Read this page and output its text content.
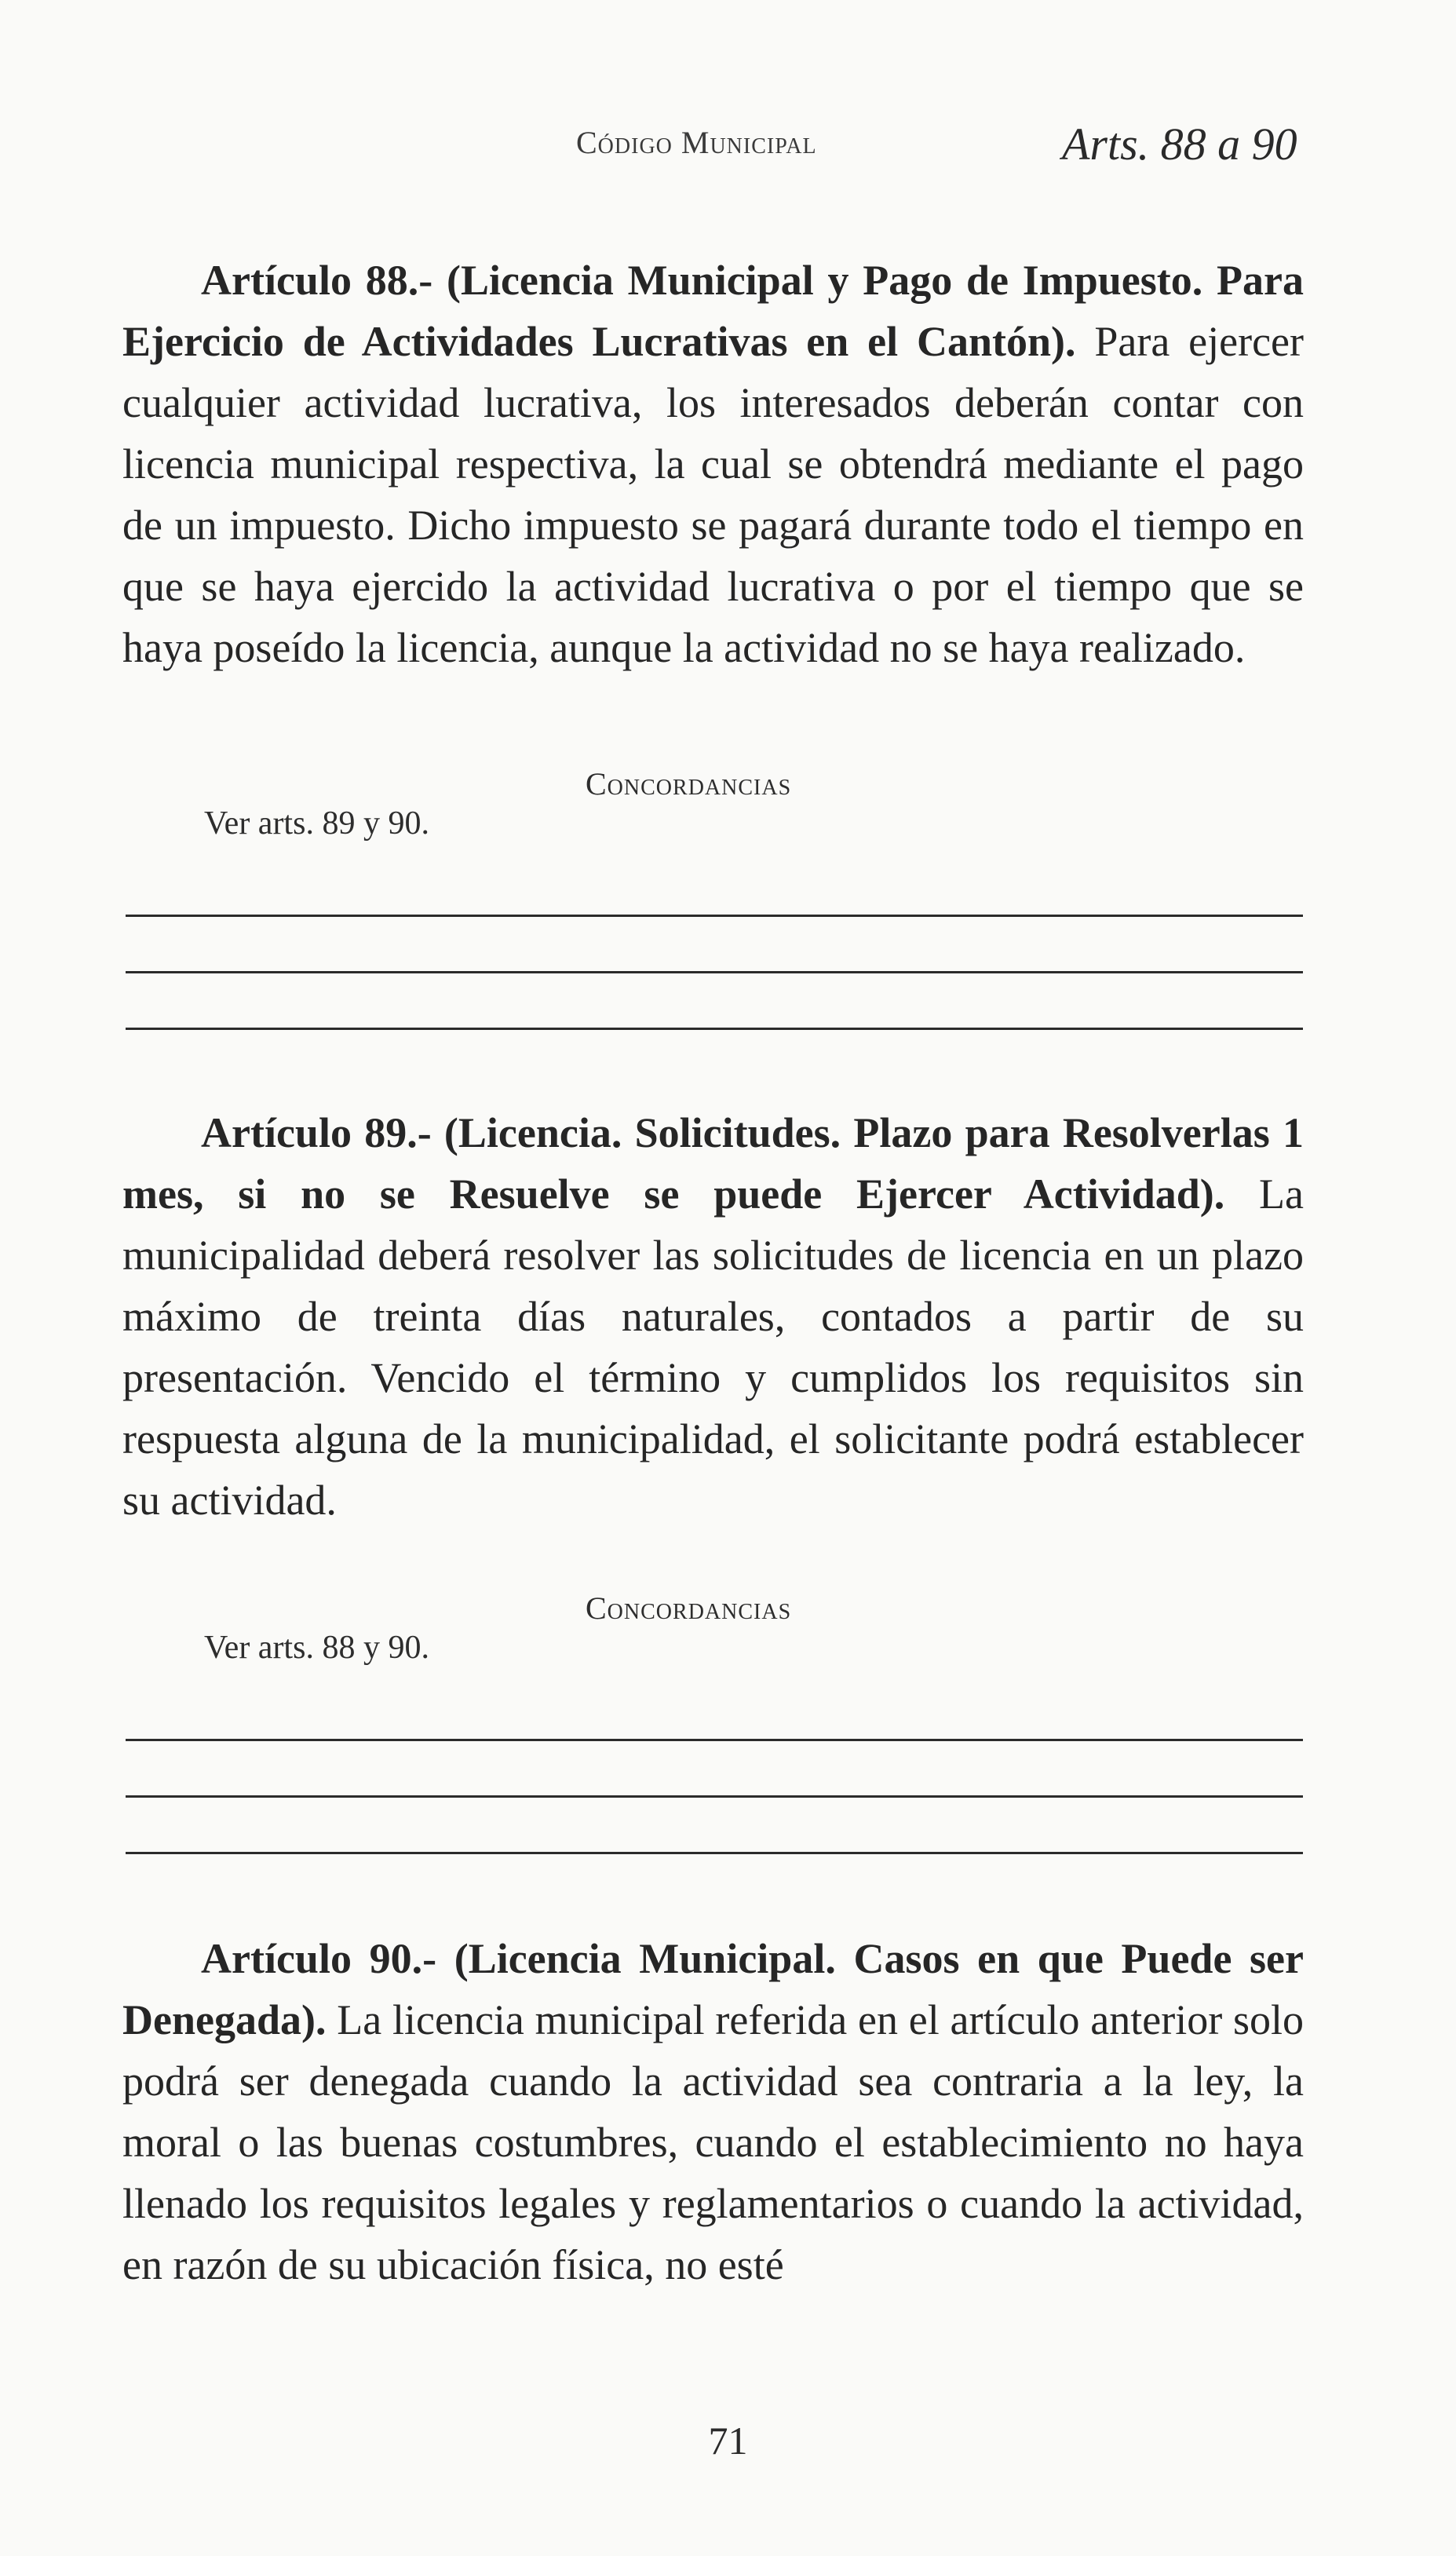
Código Municipal	Arts. 88 a 90

Artículo 88.- (Licencia Municipal y Pago de Impuesto. Para Ejercicio de Actividades Lucrativas en el Cantón). Para ejercer cualquier actividad lucrativa, los interesados deberán contar con licencia municipal respectiva, la cual se obtendrá mediante el pago de un impuesto. Dicho impuesto se pagará durante todo el tiempo en que se haya ejercido la actividad lucrativa o por el tiempo que se haya poseído la licencia, aunque la actividad no se haya realizado.

Concordancias
Ver arts. 89 y 90.

Artículo 89.- (Licencia. Solicitudes. Plazo para Resolverlas 1 mes, si no se Resuelve se puede Ejercer Actividad). La municipalidad deberá resolver las solicitudes de licencia en un plazo máximo de treinta días naturales, contados a partir de su presentación. Vencido el término y cumplidos los requisitos sin respuesta alguna de la municipalidad, el solicitante podrá establecer su actividad.

Concordancias
Ver arts. 88 y 90.

Artículo 90.- (Licencia Municipal. Casos en que Puede ser Denegada). La licencia municipal referida en el artículo anterior solo podrá ser denegada cuando la actividad sea contraria a la ley, la moral o las buenas costumbres, cuando el establecimiento no haya llenado los requisitos legales y reglamentarios o cuando la actividad, en razón de su ubicación física, no esté

71
